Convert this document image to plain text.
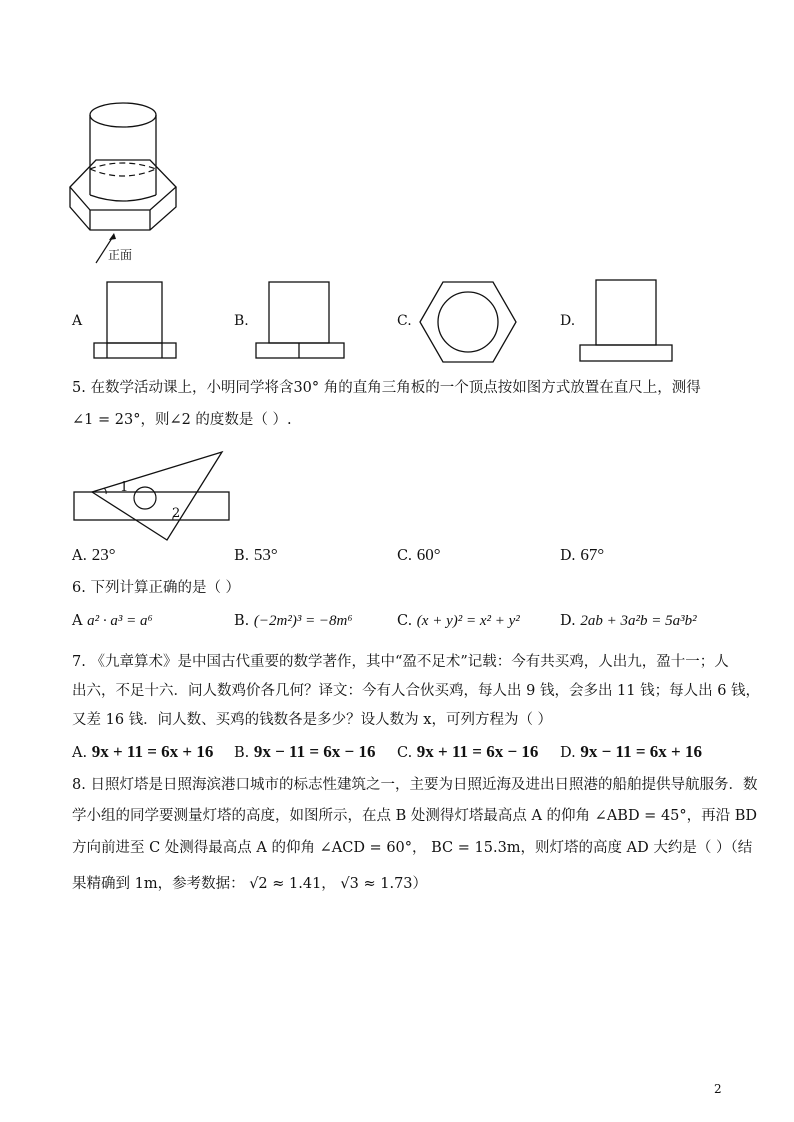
正面
A	B.	C.	D.
5. 在数学活动课上，小明同学将含30° 角的直角三角板的一个顶点按如图方式放置在直尺上，测得
∠1 = 23°，则∠2 的度数是（ ）.
1
2
A. 23°	B. 53°	C. 60°	D. 67°
6. 下列计算正确的是（ ）
A a² · a³ = a⁶	B. (−2m²)³ = −8m⁶	C. (x + y)² = x² + y²	D. 2ab + 3a²b = 5a³b²
7. 《九章算术》是中国古代重要的数学著作，其中“盈不足术”记载：今有共买鸡，人出九，盈十一；人
出六，不足十六．问人数鸡价各几何？译文：今有人合伙买鸡，每人出 9 钱，会多出 11 钱；每人出 6 钱，
又差 16 钱．问人数、买鸡的钱数各是多少？设人数为 x，可列方程为（ ）
A. 9x + 11 = 6x + 16 B. 9x − 11 = 6x − 16 C. 9x + 11 = 6x − 16 D. 9x − 11 = 6x + 16
8. 日照灯塔是日照海滨港口城市的标志性建筑之一，主要为日照近海及进出日照港的船舶提供导航服务．数
学小组的同学要测量灯塔的高度，如图所示，在点 B 处测得灯塔最高点 A 的仰角 ∠ABD = 45°，再沿 BD
方向前进至 C 处测得最高点 A 的仰角 ∠ACD = 60°， BC = 15.3m，则灯塔的高度 AD 大约是（ ）（结
果精确到 1m，参考数据： √2 ≈ 1.41， √3 ≈ 1.73）
2
